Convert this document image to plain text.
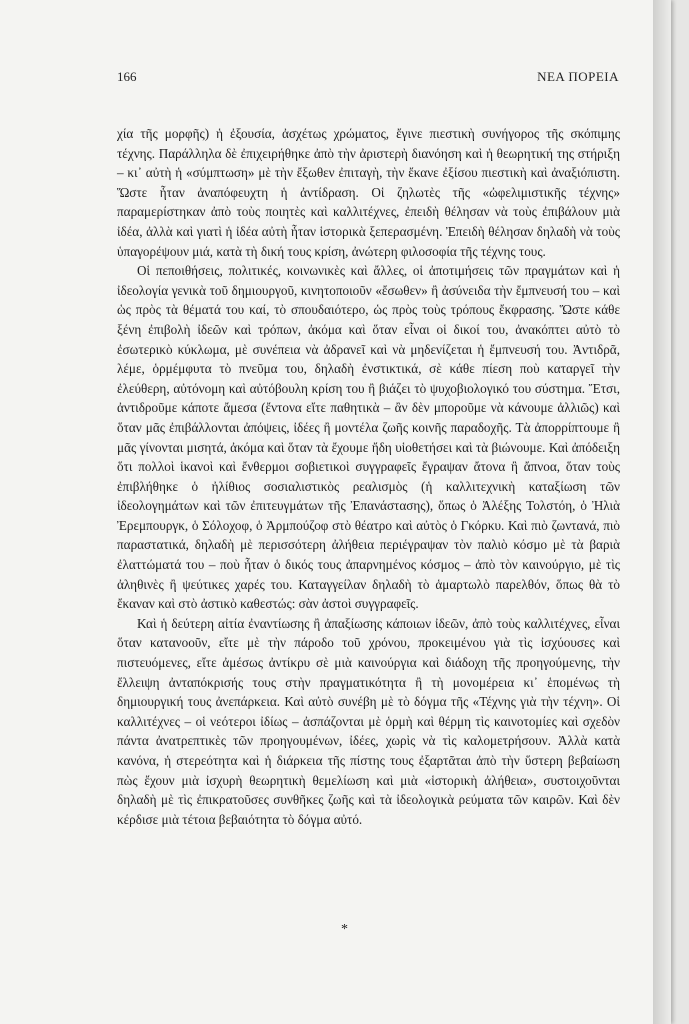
166	ΝΕΑ ΠΟΡΕΙΑ

χία τῆς μορφῆς) ἡ ἐξουσία, ἀσχέτως χρώματος, ἔγινε πιεστικὴ συνήγορος τῆς σκόπιμης τέχνης. Παράλληλα δὲ ἐπιχειρήθηκε ἀπὸ τὴν ἀριστερὴ διανόηση καὶ ἡ θεωρητική της στήριξη – κι᾿ αὐτὴ ἡ «σύμπτωση» μὲ τὴν ἔξωθεν ἐπιταγὴ, τὴν ἔκανε ἐξίσου πιεστικὴ καὶ ἀναξιόπιστη. Ὥστε ἦταν ἀναπόφευχτη ἡ ἀντίδραση. Οἱ ζηλωτὲς τῆς «ὠφελιμιστικῆς τέχνης» παραμερίστηκαν ἀπὸ τοὺς ποιητὲς καὶ καλλιτέχνες, ἐπειδὴ θέλησαν νὰ τοὺς ἐπιβάλουν μιὰ ἰδέα, ἀλλὰ καὶ γιατὶ ἡ ἰδέα αὐτὴ ἦταν ἱστορικὰ ξεπερασμένη. Ἐπειδὴ θέλησαν δηλαδὴ νὰ τοὺς ὑπαγορέψουν μιά, κατὰ τὴ δική τους κρίση, ἀνώτερη φιλοσοφία τῆς τέχνης τους.

Οἱ πεποιθήσεις, πολιτικές, κοινωνικὲς καὶ ἄλλες, οἱ ἀποτιμήσεις τῶν πραγμάτων καὶ ἡ ἰδεολογία γενικὰ τοῦ δημιουργοῦ, κινητοποιοῦν «ἔσωθεν» ἢ ἀσύνειδα τὴν ἔμπνευσή του – καὶ ὡς πρὸς τὰ θέματά του καί, τὸ σπουδαιότερο, ὡς πρὸς τοὺς τρόπους ἔκφρασης. Ὥστε κάθε ξένη ἐπιβολὴ ἰδεῶν καὶ τρόπων, ἀκόμα καὶ ὅταν εἶναι οἱ δικοί του, ἀνακόπτει αὐτὸ τὸ ἐσωτερικὸ κύκλωμα, μὲ συνέπεια νὰ ἀδρανεῖ καὶ νὰ μηδενίζεται ἡ ἔμπνευσή του. Ἀντιδρᾶ, λέμε, ὁρμέμφυτα τὸ πνεῦμα του, δηλαδὴ ἐνστικτικά, σὲ κάθε πίεση ποὺ καταργεῖ τὴν ἐλεύθερη, αὐτόνομη καὶ αὐτόβουλη κρίση του ἢ βιάζει τὸ ψυχοβιολογικό του σύστημα. Ἔτσι, ἀντιδροῦμε κάποτε ἄμεσα (ἔντονα εἴτε παθητικὰ – ἂν δὲν μποροῦμε νὰ κάνουμε ἀλλιῶς) καὶ ὅταν μᾶς ἐπιβάλλονται ἀπόψεις, ἰδέες ἢ μοντέλα ζωῆς κοινῆς παραδοχῆς. Τὰ ἀπορρίπτουμε ἢ μᾶς γίνονται μισητά, ἀκόμα καὶ ὅταν τὰ ἔχουμε ἤδη υἱοθετήσει καὶ τὰ βιώνουμε. Καὶ ἀπόδειξη ὅτι πολλοὶ ἱκανοὶ καὶ ἔνθερμοι σοβιετικοὶ συγγραφεῖς ἔγραψαν ἄτονα ἢ ἄπνοα, ὅταν τοὺς ἐπιβλήθηκε ὁ ἠλίθιος σοσιαλιστικὸς ρεαλισμὸς (ἡ καλλιτεχνικὴ καταξίωση τῶν ἰδεολογημάτων καὶ τῶν ἐπιτευγμάτων τῆς Ἐπανάστασης), ὅπως ὁ Ἀλέξης Τολστόη, ὁ Ἠλιὰ Ἐρεμπουργκ, ὁ Σόλοχοφ, ὁ Ἀρμπούζοφ στὸ θέατρο καὶ αὐτὸς ὁ Γκόρκυ. Καὶ πιὸ ζωντανά, πιὸ παραστατικά, δηλαδὴ μὲ περισσότερη ἀλήθεια περιέγραψαν τὸν παλιὸ κόσμο μὲ τὰ βαριὰ ἐλαττώματά του – ποὺ ἦταν ὁ δικός τους ἀπαρνημένος κόσμος – ἀπὸ τὸν καινούργιο, μὲ τὶς ἀληθινὲς ἢ ψεύτικες χαρές του. Καταγγείλαν δηλαδὴ τὸ ἁμαρτωλὸ παρελθόν, ὅπως θὰ τὸ ἔκαναν καὶ στὸ ἀστικὸ καθεστώς: σὰν ἀστοὶ συγγραφεῖς.

Καὶ ἡ δεύτερη αἰτία ἐναντίωσης ἢ ἀπαξίωσης κάποιων ἰδεῶν, ἀπὸ τοὺς καλλιτέχνες, εἶναι ὅταν κατανοοῦν, εἴτε μὲ τὴν πάροδο τοῦ χρόνου, προκειμένου γιὰ τὶς ἰσχύουσες καὶ πιστευόμενες, εἴτε ἀμέσως ἀντίκρυ σὲ μιὰ καινούργια καὶ διάδοχη τῆς προηγούμενης, τὴν ἔλλειψη ἀνταπόκρισής τους στὴν πραγματικότητα ἢ τὴ μονομέρεια κι᾿ ἑπομένως τὴ δημιουργική τους ἀνεπάρκεια. Καὶ αὐτὸ συνέβη μὲ τὸ δόγμα τῆς «Τέχνης γιὰ τὴν τέχνη». Οἱ καλλιτέχνες – οἱ νεότεροι ἰδίως – ἀσπάζονται μὲ ὁρμὴ καὶ θέρμη τὶς καινοτομίες καὶ σχεδὸν πάντα ἀνατρεπτικὲς τῶν προηγουμένων, ἰδέες, χωρὶς νὰ τὶς καλομετρήσουν. Ἀλλὰ κατὰ κανόνα, ἡ στερεότητα καὶ ἡ διάρκεια τῆς πίστης τους ἐξαρτᾶται ἀπὸ τὴν ὕστερη βεβαίωση πὼς ἔχουν μιὰ ἰσχυρὴ θεωρητικὴ θεμελίωση καὶ μιὰ «ἱστορικὴ ἀλήθεια», συστοιχοῦνται δηλαδὴ μὲ τὶς ἐπικρατοῦσες συνθῆκες ζωῆς καὶ τὰ ἰδεολογικὰ ρεύματα τῶν καιρῶν. Καὶ δὲν κέρδισε μιὰ τέτοια βεβαιότητα τὸ δόγμα αὐτό.

*
